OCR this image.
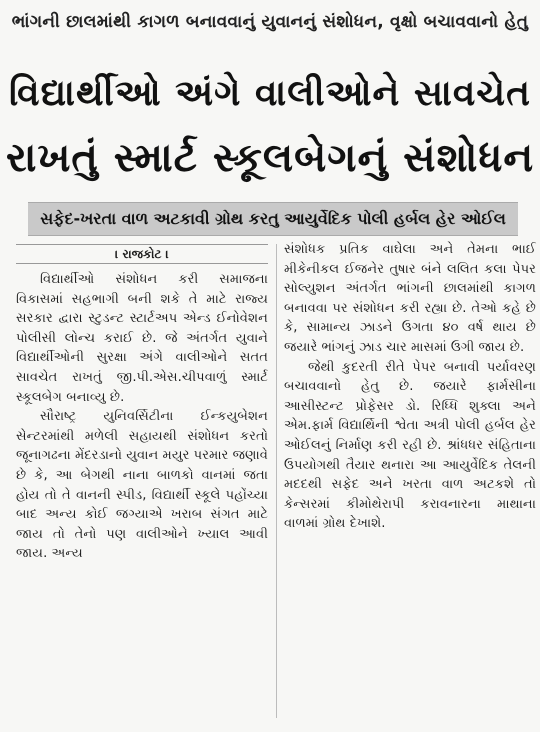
ભાંગની છાલમાંથી કાગળ બનાવવાનું યુવાનનું સંશોધન, વૃક્ષો બચાવવાનો હેતુ
વિદ્યાર્થીઓ અંગે વાલીઓને સાવચેત
રાખતું સ્માર્ટ સ્કૂલબેગનું સંશોધન
સફેદ-ખરતા વાળ અટકાવી ગ્રોથ કરતુ આયુર્વેદિક પોલી હર્બલ હેર ઓઈલ
। રાજકોટ ।

વિદ્યાર્થીઓ સંશોધન કરી સમાજના વિકાસમાં સહભાગી બની શકે તે માટે રાજ્ય સરકાર દ્વારા સ્ટુડન્ટ સ્ટાર્ટઅપ એન્ડ ઈનોવેશન પોલીસી લોન્ચ કરાઈ છે. જે અંતર્ગત યુવાને વિદ્યાર્થીઓની સુરક્ષા અંગે વાલીઓને સતત સાવચેત રાખતું જી.પી.એસ.ચીપવાળું સ્માર્ટ સ્કૂલબેગ બનાવ્યુ છે.

સૌરાષ્ટ્ર યુનિવર્સિટીના ઈન્કયુબેશન સેન્ટરમાંથી મળેલી સહાયથી સંશોધન કરતો જૂનાગઢના મેંદરડાનો યુવાન મયુર પરમાર જણાવે છે કે, આ બેગથી નાના બાળકો વાનમાં જતા હોય તો તે વાનની સ્પીડ, વિદ્યાર્થી સ્કૂલે પહોંચ્યા બાદ અન્ય કોઈ જગ્યાએ ખરાબ સંગત માટે જાય તો તેનો પણ વાલીઓને ખ્યાલ આવી જાય. અન્ય

સંશોધક પ્રતિક વાઘેલા અને તેમના ભાઈ મીકેનીકલ ઈજનેર તુષાર બંને લલિત કલા પેપર સોલ્યુશન અંતર્ગત ભાંગની છાલમાંથી કાગળ બનાવવા પર સંશોધન કરી રહ્યા છે. તેઓ કહે છે કે, સામાન્ય ઝાડને ઉગતા ૪૦ વર્ષ થાય છે જયારે ભાંગનું ઝાડ ચાર માસમાં ઉગી જાય છે.

જેથી કુદરતી રીતે પેપર બનાવી પર્યાવરણ બચાવવાનો હેતુ છે. જયારે ફાર્મસીના આસીસ્ટન્ટ પ્રોફેસર ડો. રિધ્ધિ શુક્લા અને એમ.ફાર્મ વિદ્યાર્થિની શ્વેતા અત્રી પોલી હર્બલ હેર ઓઈલનું નિર્માણ કરી રહી છે. શ્રાંધધર સંહિતાના ઉપયોગથી તૈયાર થનારા આ આયુર્વેદિક તેલની મદદથી સફેદ અને ખરતા વાળ અટકશે તો કેન્સરમાં કીમોથેરાપી કરાવનારના માથાના વાળમાં ગ્રોથ દેખાશે.
